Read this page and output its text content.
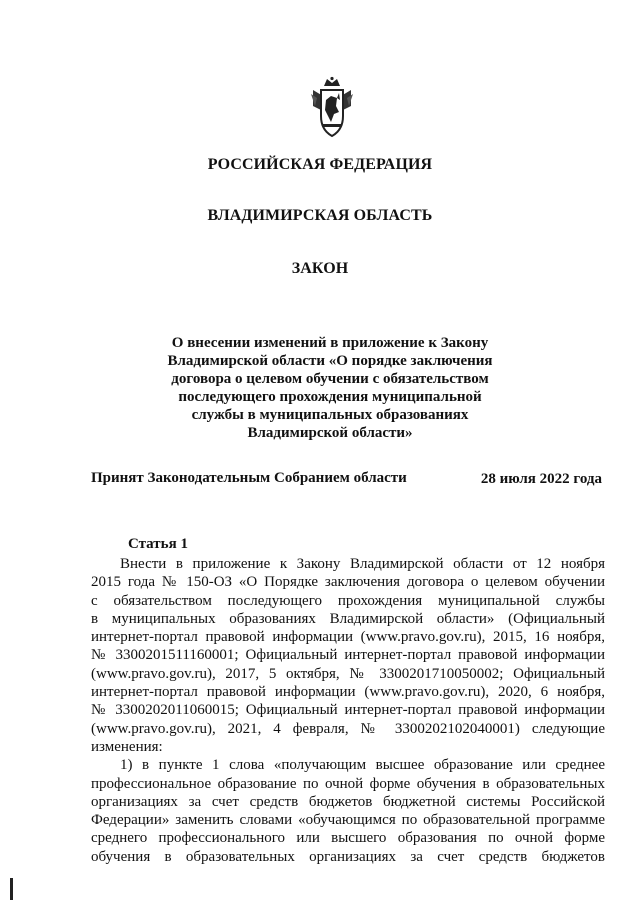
РОССИЙСКАЯ ФЕДЕРАЦИЯ
ВЛАДИМИРСКАЯ ОБЛАСТЬ
ЗАКОН
О внесении изменений в приложение к Закону
Владимирской области «О порядке заключения
договора о целевом обучении с обязательством
последующего прохождения муниципальной
службы в муниципальных образованиях
Владимирской области»
Принят Законодательным Собранием области	28 июля 2022 года
Статья 1
Внести в приложение к Закону Владимирской области от 12 ноября
2015 года № 150-ОЗ «О Порядке заключения договора о целевом обучении
с обязательством последующего прохождения муниципальной службы
в муниципальных образованиях Владимирской области» (Официальный
интернет-портал правовой информации (www.pravo.gov.ru), 2015, 16 ноября,
№ 3300201511160001; Официальный интернет-портал правовой информации
(www.pravo.gov.ru), 2017, 5 октября, № 3300201710050002; Официальный
интернет-портал правовой информации (www.pravo.gov.ru), 2020, 6 ноября,
№ 3300202011060015; Официальный интернет-портал правовой информации
(www.pravo.gov.ru), 2021, 4 февраля, № 3300202102040001) следующие
изменения:
1) в пункте 1 слова «получающим высшее образование или среднее
профессиональное образование по очной форме обучения в образовательных
организациях за счет средств бюджетов бюджетной системы Российской
Федерации» заменить словами «обучающимся по образовательной программе
среднего профессионального или высшего образования по очной форме
обучения в образовательных организациях за счет средств бюджетов
